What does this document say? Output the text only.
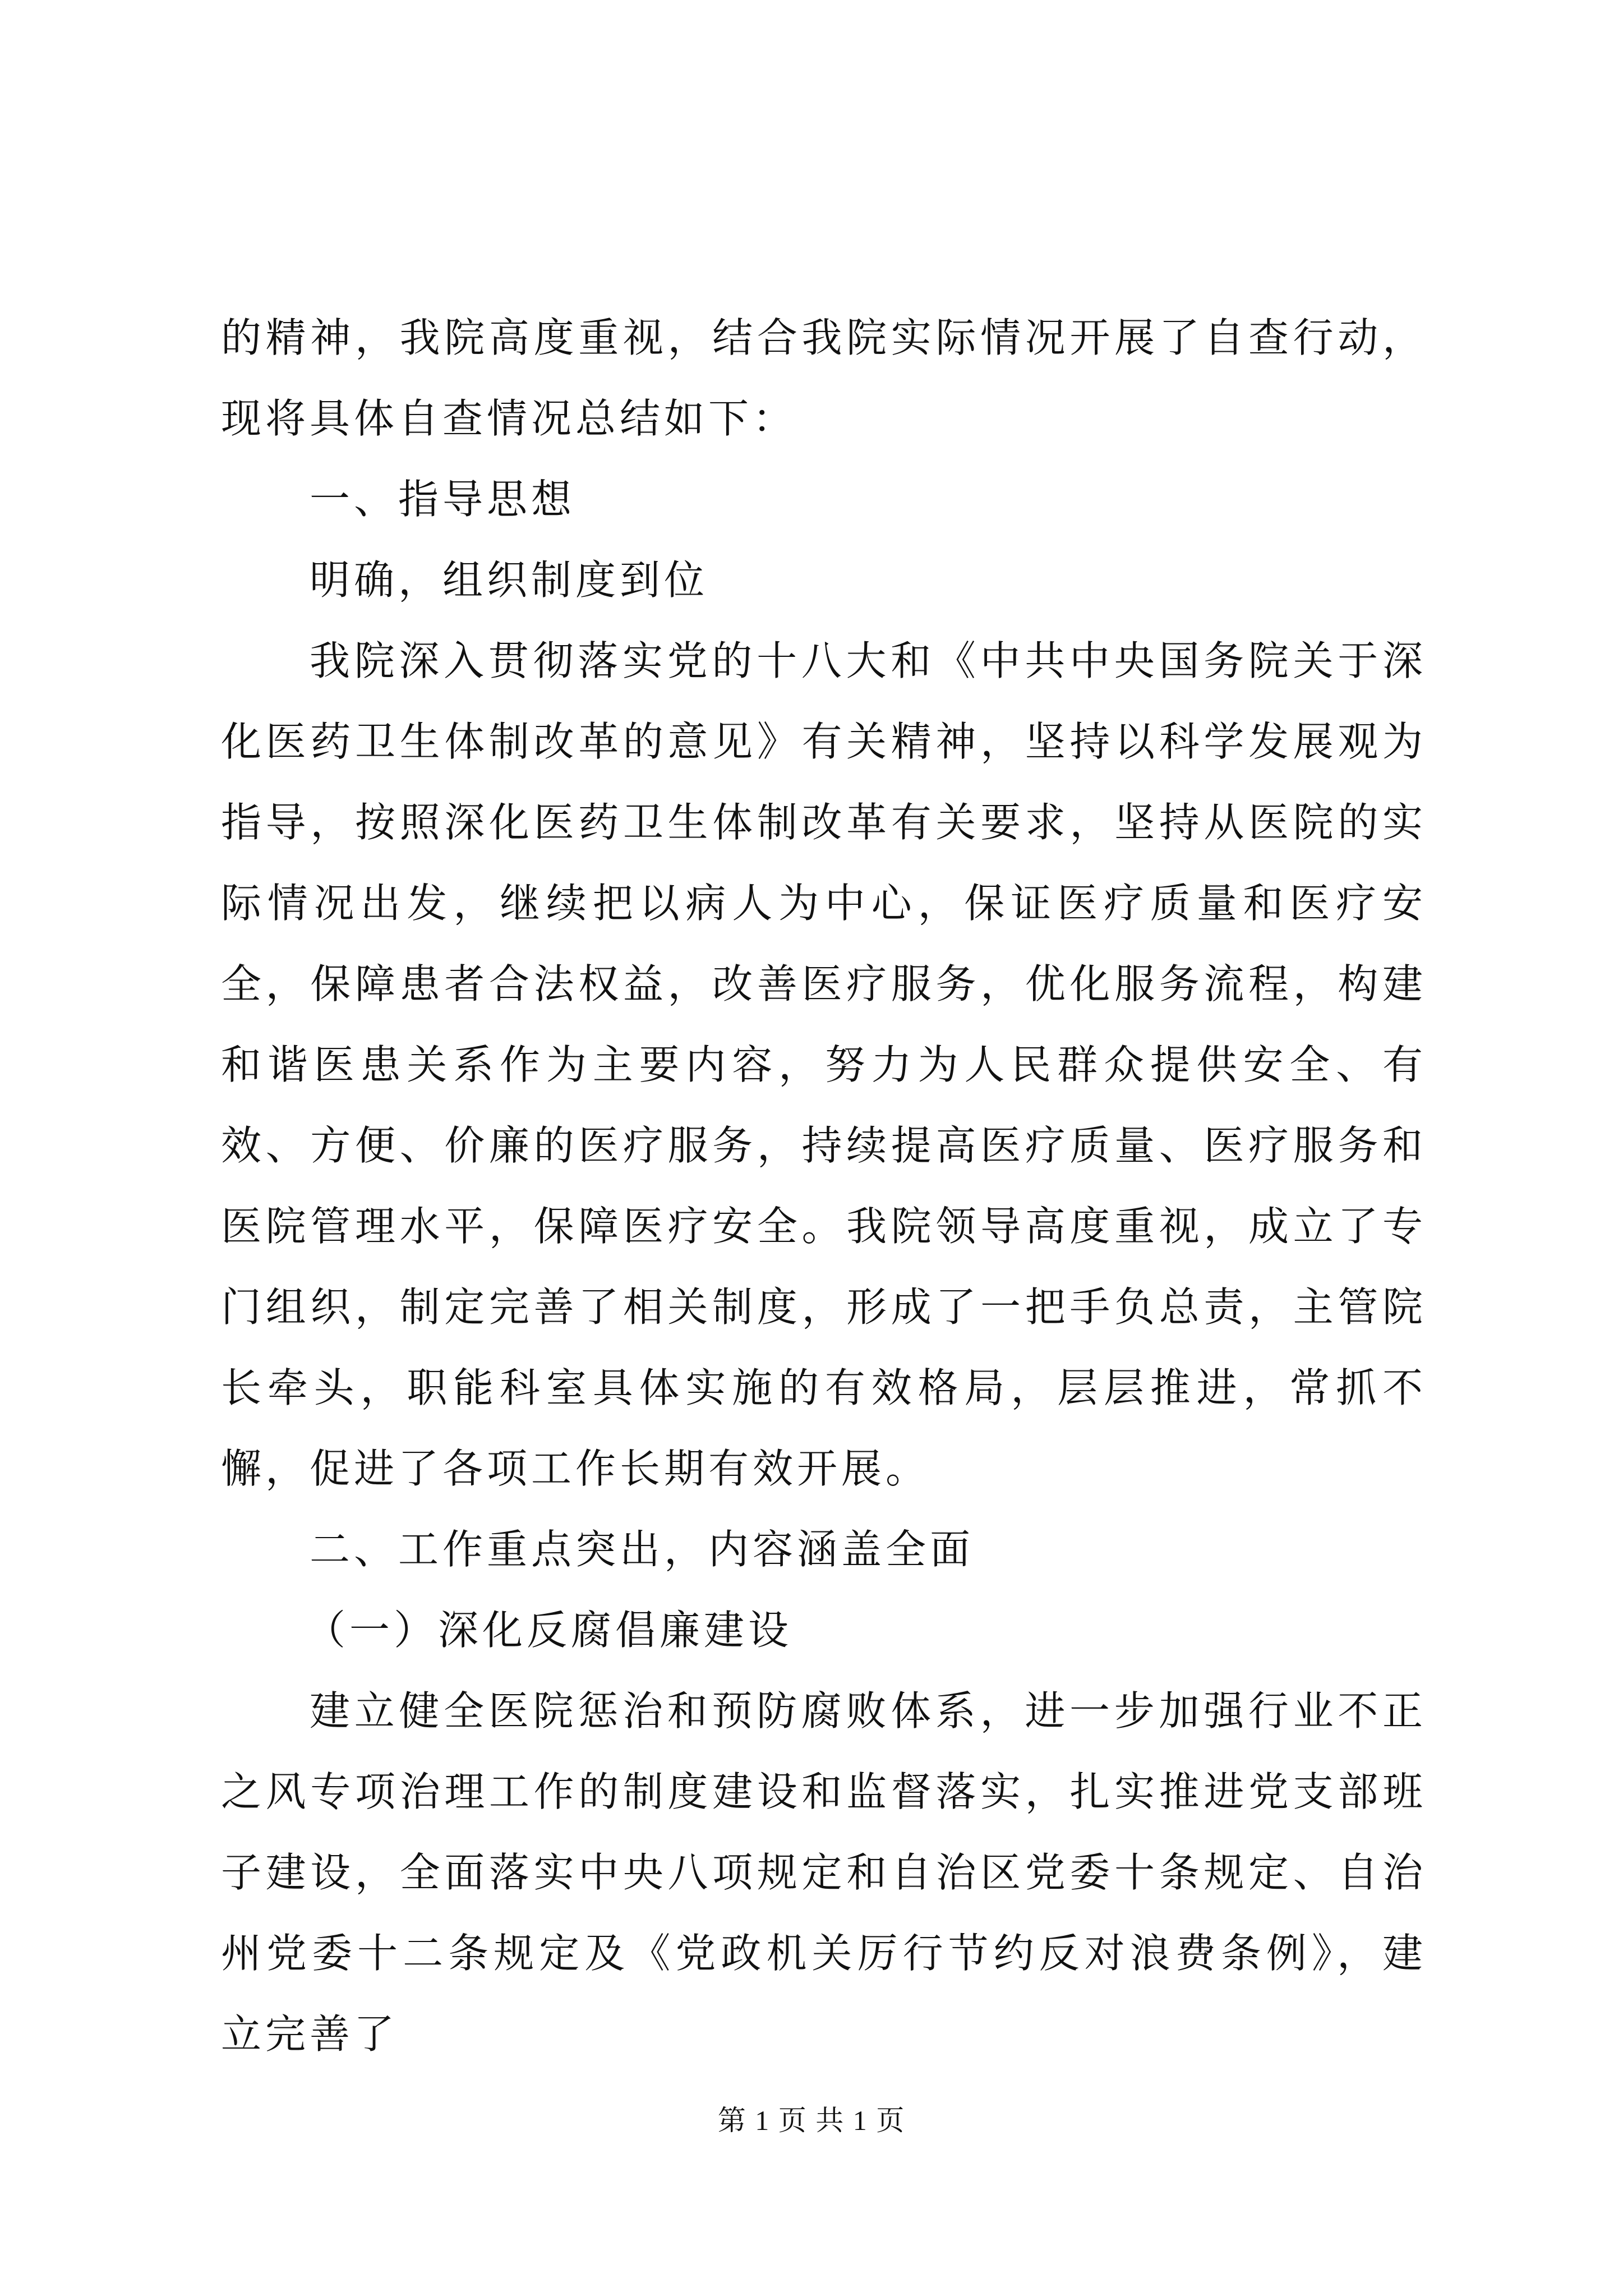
的精神，我院高度重视，结合我院实际情况开展了自查行动，现将具体自查情况总结如下：

一、指导思想

明确，组织制度到位

我院深入贯彻落实党的十八大和《中共中央国务院关于深化医药卫生体制改革的意见》有关精神，坚持以科学发展观为指导，按照深化医药卫生体制改革有关要求，坚持从医院的实际情况出发，继续把以病人为中心，保证医疗质量和医疗安全，保障患者合法权益，改善医疗服务，优化服务流程，构建和谐医患关系作为主要内容，努力为人民群众提供安全、有效、方便、价廉的医疗服务，持续提高医疗质量、医疗服务和医院管理水平，保障医疗安全。我院领导高度重视，成立了专门组织，制定完善了相关制度，形成了一把手负总责，主管院长牵头，职能科室具体实施的有效格局，层层推进，常抓不懈，促进了各项工作长期有效开展。

二、工作重点突出，内容涵盖全面

（一）深化反腐倡廉建设

建立健全医院惩治和预防腐败体系，进一步加强行业不正之风专项治理工作的制度建设和监督落实，扎实推进党支部班子建设，全面落实中央八项规定和自治区党委十条规定、自治州党委十二条规定及《党政机关厉行节约反对浪费条例》，建立完善了

第 1 页 共 1 页
